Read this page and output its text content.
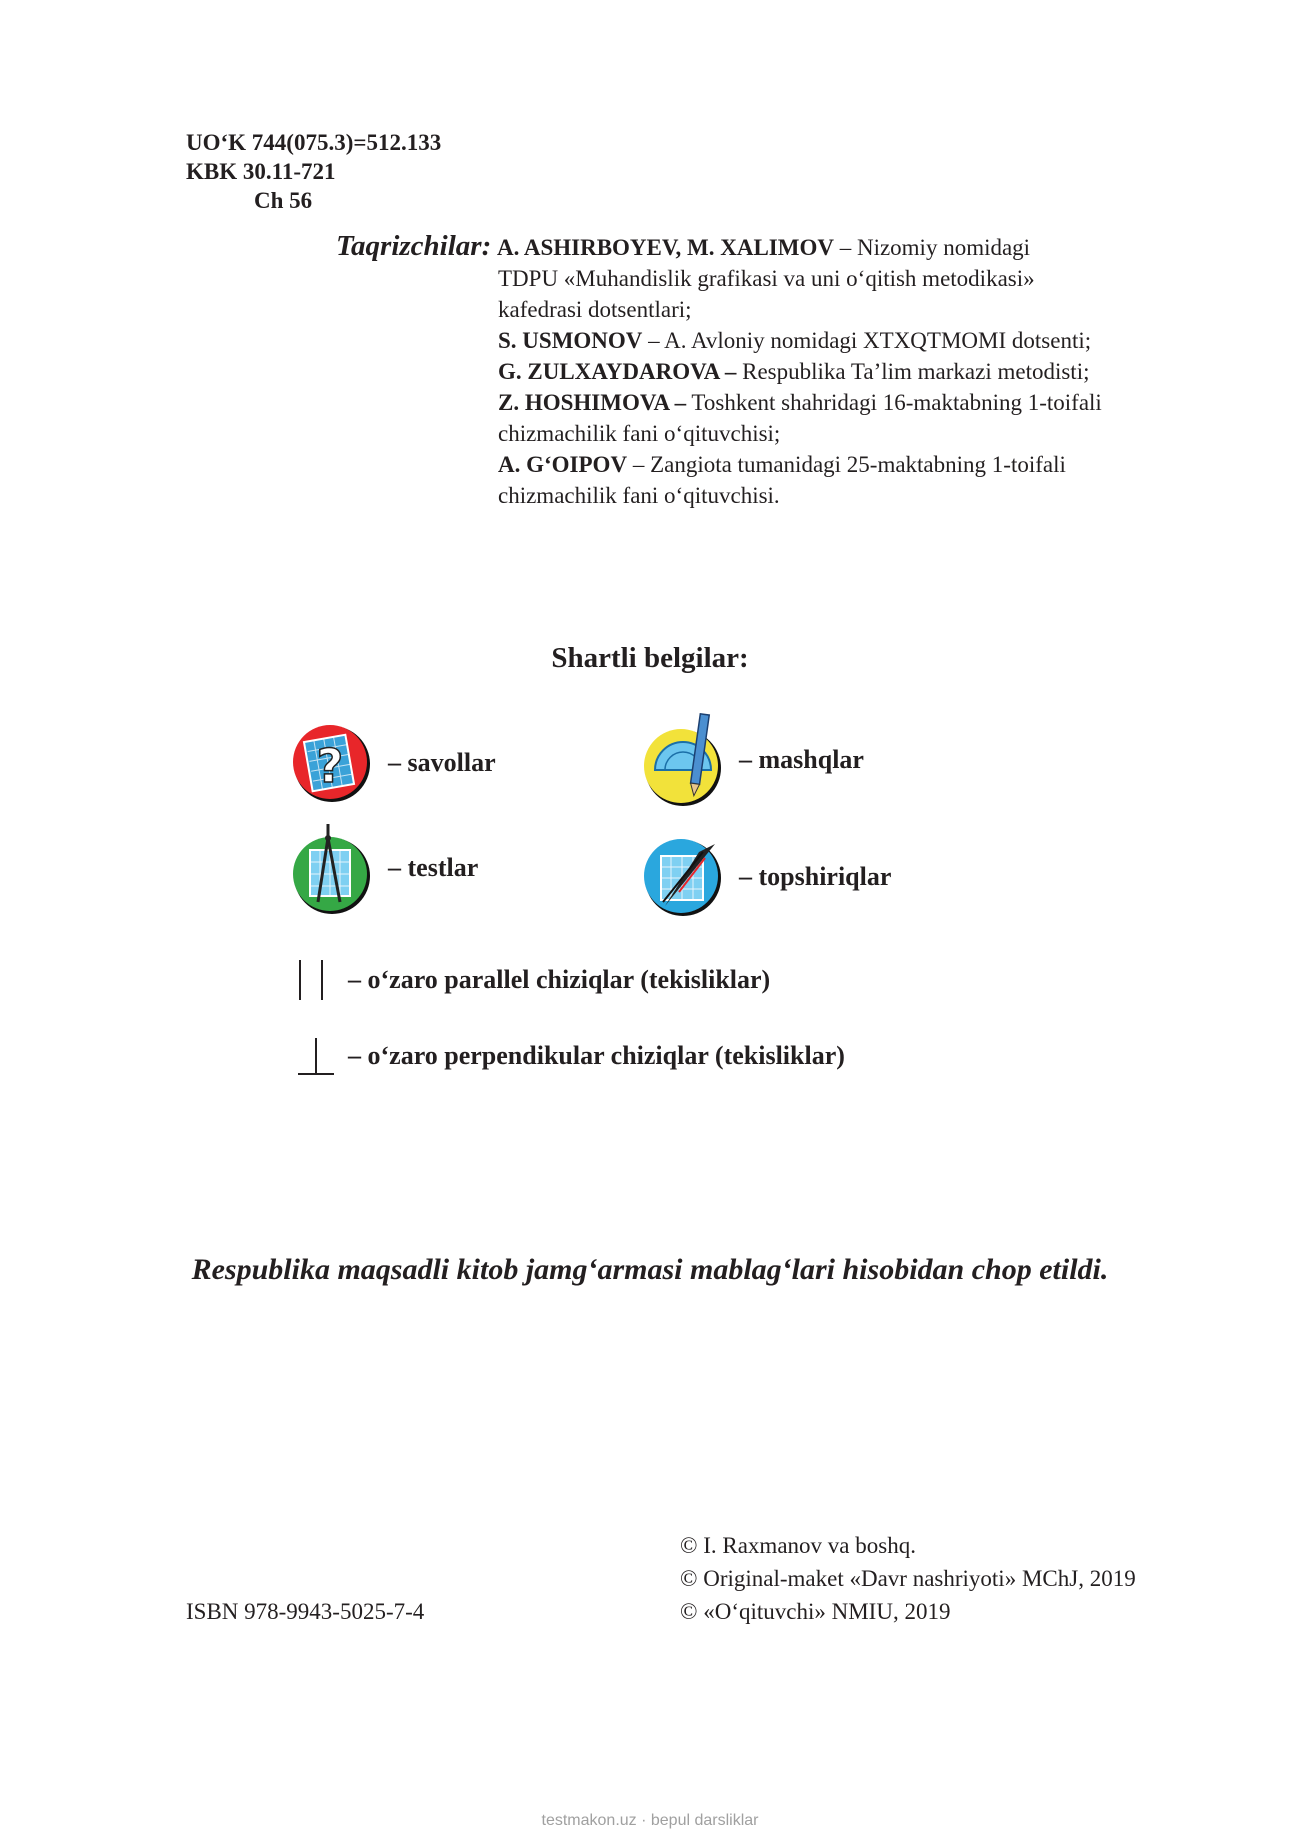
UO‘K 744(075.3)=512.133
KBK 30.11-721
Ch 56
Taqrizchilar: A. ASHIRBOYEV, M. XALIMOV – Nizomiy nomidagi
TDPU «Muhandislik grafikasi va uni o‘qitish metodikasi»
kafedrasi dotsentlari;
S. USMONOV – A. Avloniy nomidagi XTXQTMOMI dotsenti;
G. ZULXAYDAROVA – Respublika Ta’lim markazi metodisti;
Z. HOSHIMOVA – Toshkent shahridagi 16-maktabning 1-toifali
chizmachilik fani o‘qituvchisi;
A. G‘OIPOV – Zangiota tumanidagi 25-maktabning 1-toifali
chizmachilik fani o‘qituvchisi.
Shartli belgilar:
? – savollar	– mashqlar
– testlar	– topshiriqlar
– o‘zaro parallel chiziqlar (tekisliklar)
– o‘zaro perpendikular chiziqlar (tekisliklar)
Respublika maqsadli kitob jamg‘armasi mablag‘lari hisobidan chop etildi.
ISBN 978-9943-5025-7-4
© I. Raxmanov va boshq.
© Original-maket «Davr nashriyoti» MChJ, 2019
© «O‘qituvchi» NMIU, 2019
testmakon.uz · bepul darsliklar
